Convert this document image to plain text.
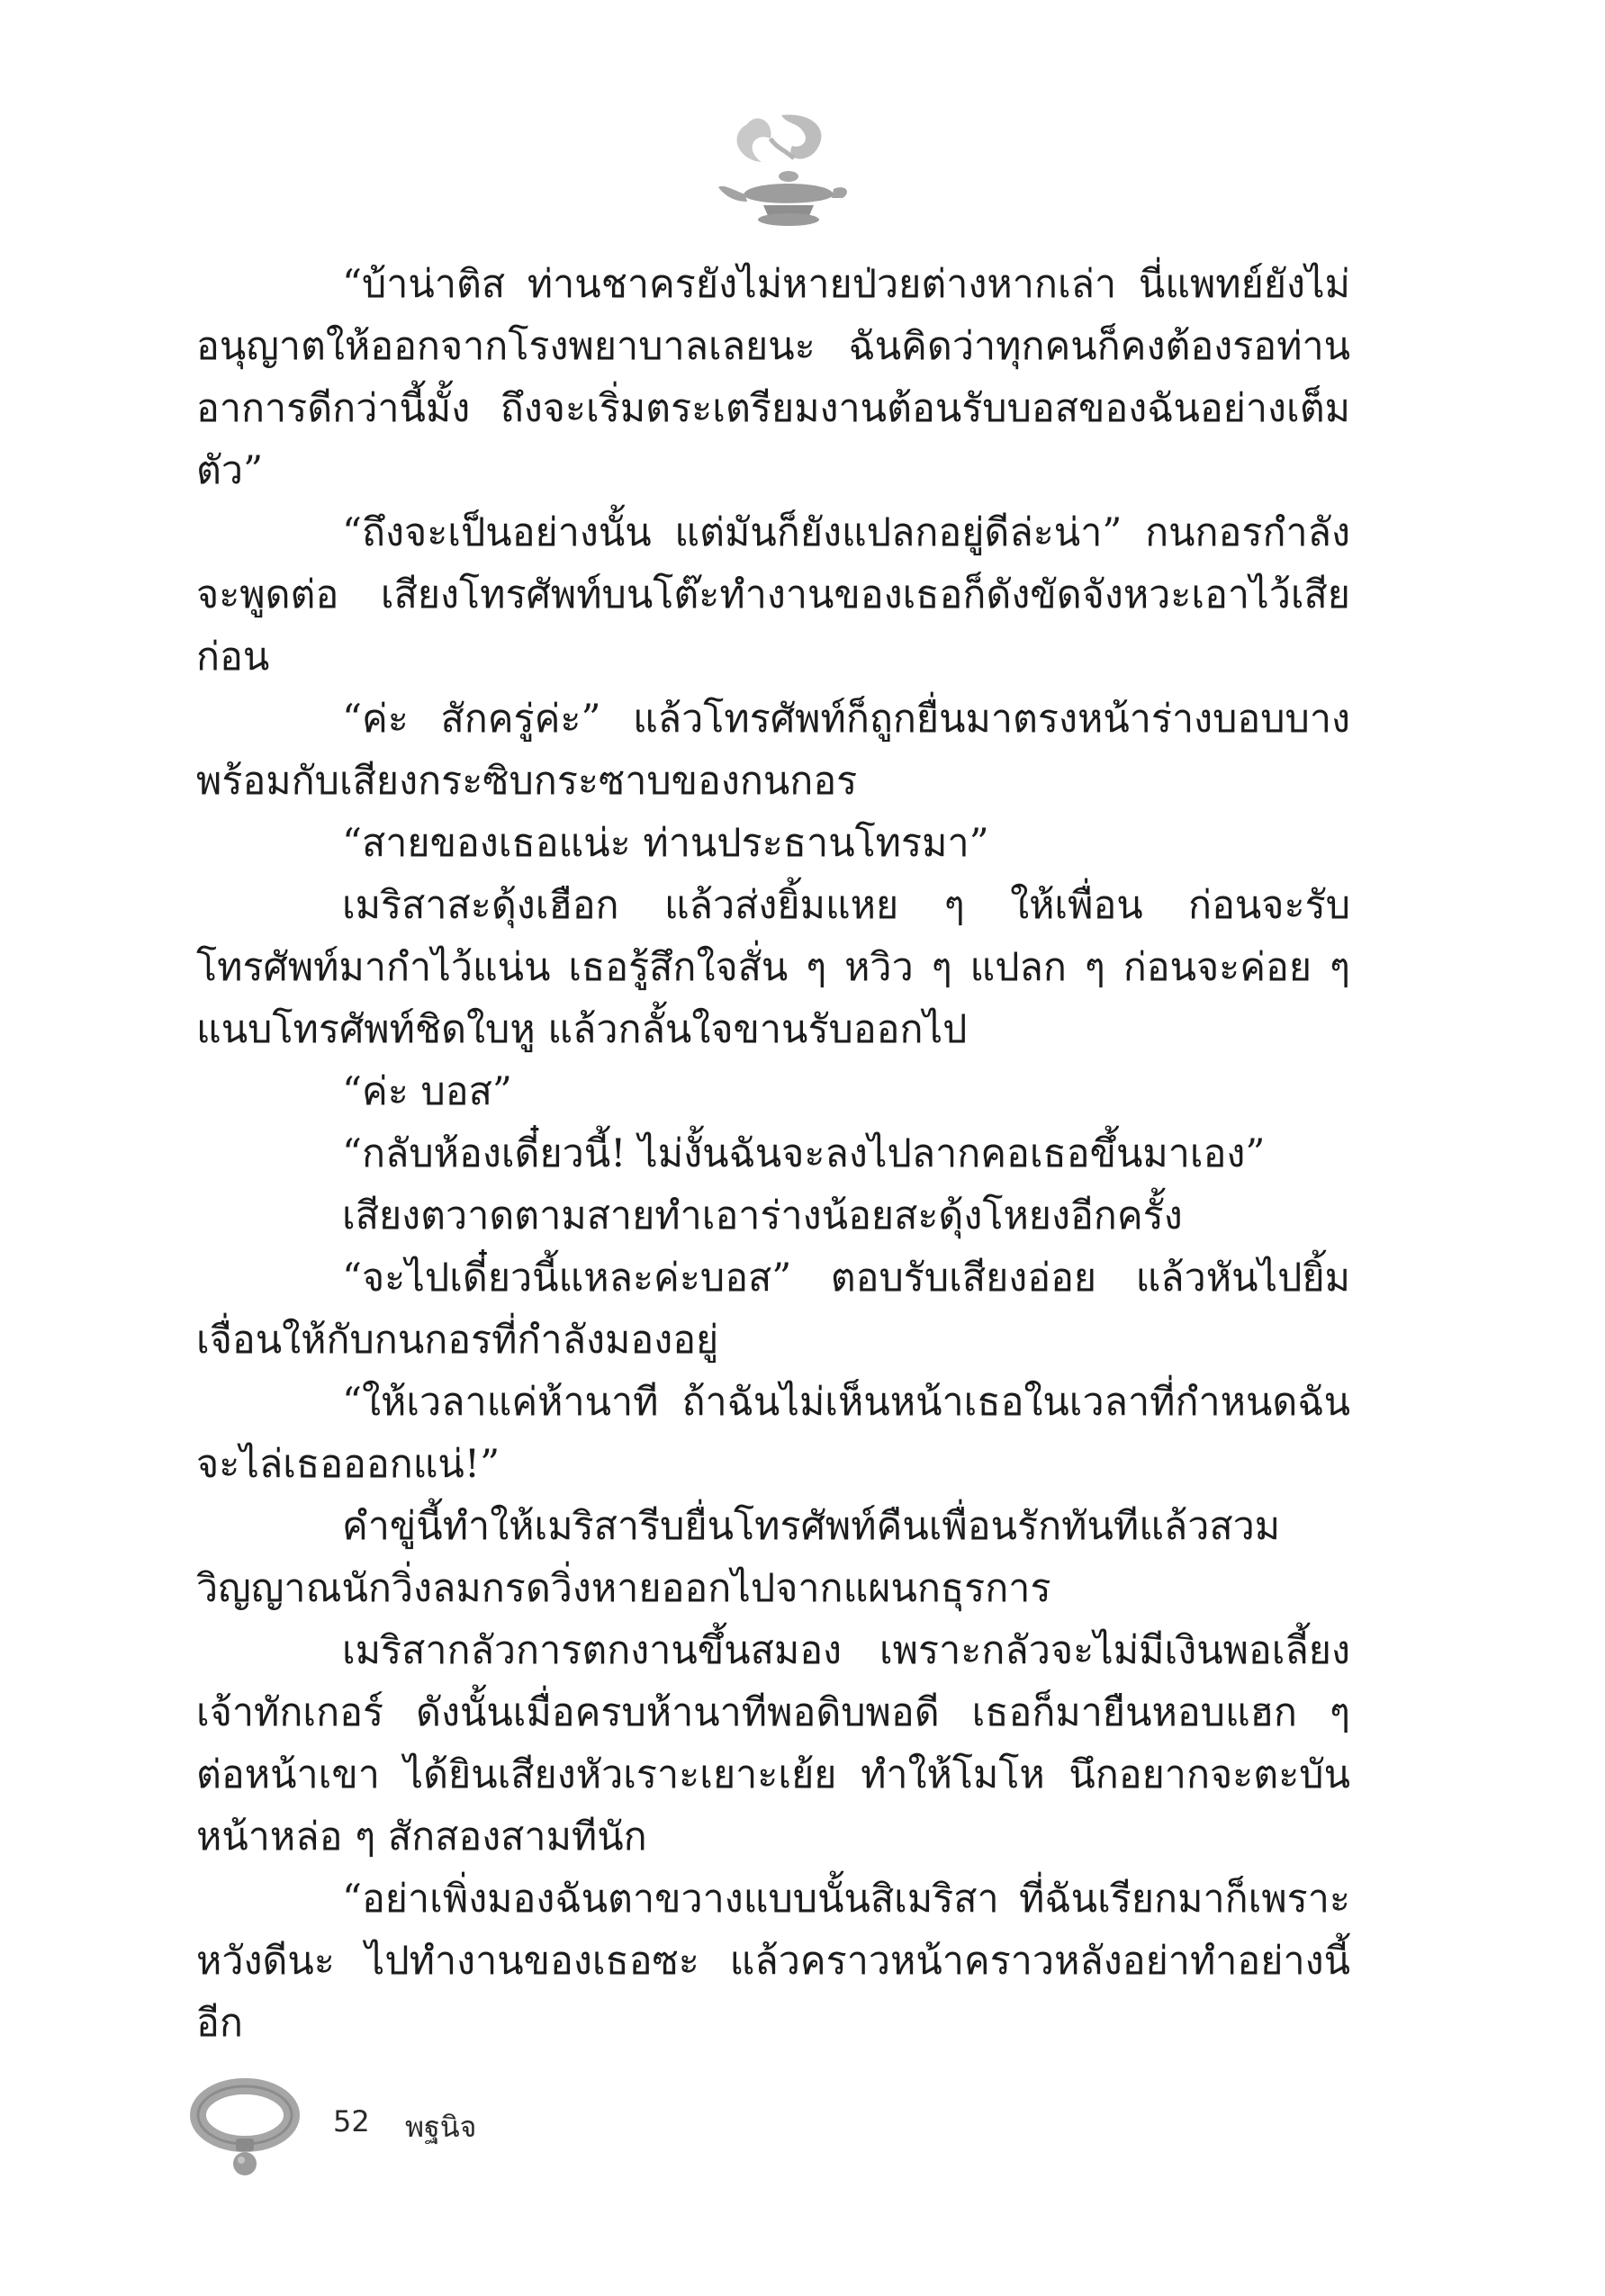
“บ้าน่าติส ท่านชาครยังไม่หายป่วยต่างหากเล่า นี่แพทย์ยังไม่อนุญาตให้ออกจากโรงพยาบาลเลยนะ ฉันคิดว่าทุกคนก็คงต้องรอท่านอาการดีกว่านี้มั้ง ถึงจะเริ่มตระเตรียมงานต้อนรับบอสของฉันอย่างเต็มตัว”

“ถึงจะเป็นอย่างนั้น แต่มันก็ยังแปลกอยู่ดีล่ะน่า” กนกอรกำลังจะพูดต่อ เสียงโทรศัพท์บนโต๊ะทำงานของเธอก็ดังขัดจังหวะเอาไว้เสียก่อน

“ค่ะ สักครู่ค่ะ” แล้วโทรศัพท์ก็ถูกยื่นมาตรงหน้าร่างบอบบางพร้อมกับเสียงกระซิบกระซาบของกนกอร

“สายของเธอแน่ะ ท่านประธานโทรมา”

เมริสาสะดุ้งเฮือก แล้วส่งยิ้มแหย ๆ ให้เพื่อน ก่อนจะรับโทรศัพท์มากำไว้แน่น เธอรู้สึกใจสั่น ๆ หวิว ๆ แปลก ๆ ก่อนจะค่อย ๆ แนบโทรศัพท์ชิดใบหู แล้วกลั้นใจขานรับออกไป

“ค่ะ บอส”

“กลับห้องเดี๋ยวนี้! ไม่งั้นฉันจะลงไปลากคอเธอขึ้นมาเอง”

เสียงตวาดตามสายทำเอาร่างน้อยสะดุ้งโหยงอีกครั้ง

“จะไปเดี๋ยวนี้แหละค่ะบอส” ตอบรับเสียงอ่อย แล้วหันไปยิ้มเจื่อนให้กับกนกอรที่กำลังมองอยู่

“ให้เวลาแค่ห้านาที ถ้าฉันไม่เห็นหน้าเธอในเวลาที่กำหนดฉันจะไล่เธอออกแน่!”

คำขู่นี้ทำให้เมริสารีบยื่นโทรศัพท์คืนเพื่อนรักทันทีแล้วสวมวิญญาณนักวิ่งลมกรดวิ่งหายออกไปจากแผนกธุรการ

เมริสากลัวการตกงานขึ้นสมอง เพราะกลัวจะไม่มีเงินพอเลี้ยงเจ้าทักเกอร์ ดังนั้นเมื่อครบห้านาทีพอดิบพอดี เธอก็มายืนหอบแฮก ๆ ต่อหน้าเขา ได้ยินเสียงหัวเราะเยาะเย้ย ทำให้โมโห นึกอยากจะตะบันหน้าหล่อ ๆ สักสองสามทีนัก

“อย่าเพิ่งมองฉันตาขวางแบบนั้นสิเมริสา ที่ฉันเรียกมาก็เพราะหวังดีนะ ไปทำงานของเธอซะ แล้วคราวหน้าคราวหลังอย่าทำอย่างนี้อีก

52 พฐนิจ
